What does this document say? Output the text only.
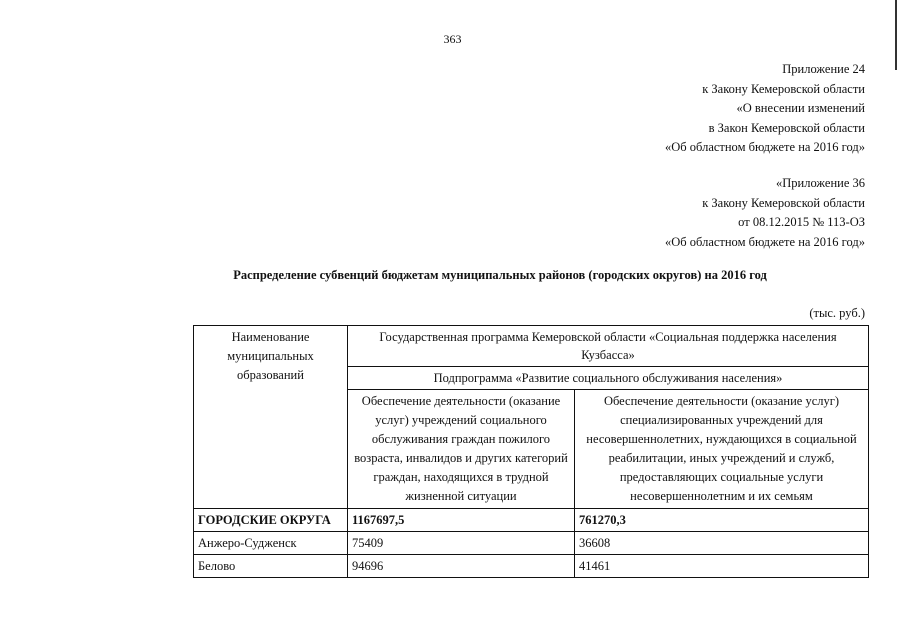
363
Приложение 24
к Закону Кемеровской области
«О внесении изменений
в Закон Кемеровской области
«Об областном бюджете на 2016 год»
«Приложение 36
к Закону Кемеровской области
от 08.12.2015 № 113-ОЗ
«Об областном бюджете на 2016 год»
Распределение субвенций бюджетам муниципальных районов (городских округов) на 2016 год
(тыс. руб.)
Наименование муниципальных образований	Государственная программа Кемеровской области «Социальная поддержка населения Кузбасса»	
	Подпрограмма «Развитие социального обслуживания населения»	
	Обеспечение деятельности (оказание услуг) учреждений социального обслуживания граждан пожилого возраста, инвалидов и других категорий граждан, находящихся в трудной жизненной ситуации	Обеспечение деятельности (оказание услуг) специализированных учреждений для несовершеннолетних, нуждающихся в социальной реабилитации, иных учреждений и служб, предоставляющих социальные услуги несовершеннолетним и их семьям
ГОРОДСКИЕ ОКРУГА	1167697,5	761270,3
Анжеро-Судженск	75409	36608
Белово	94696	41461
